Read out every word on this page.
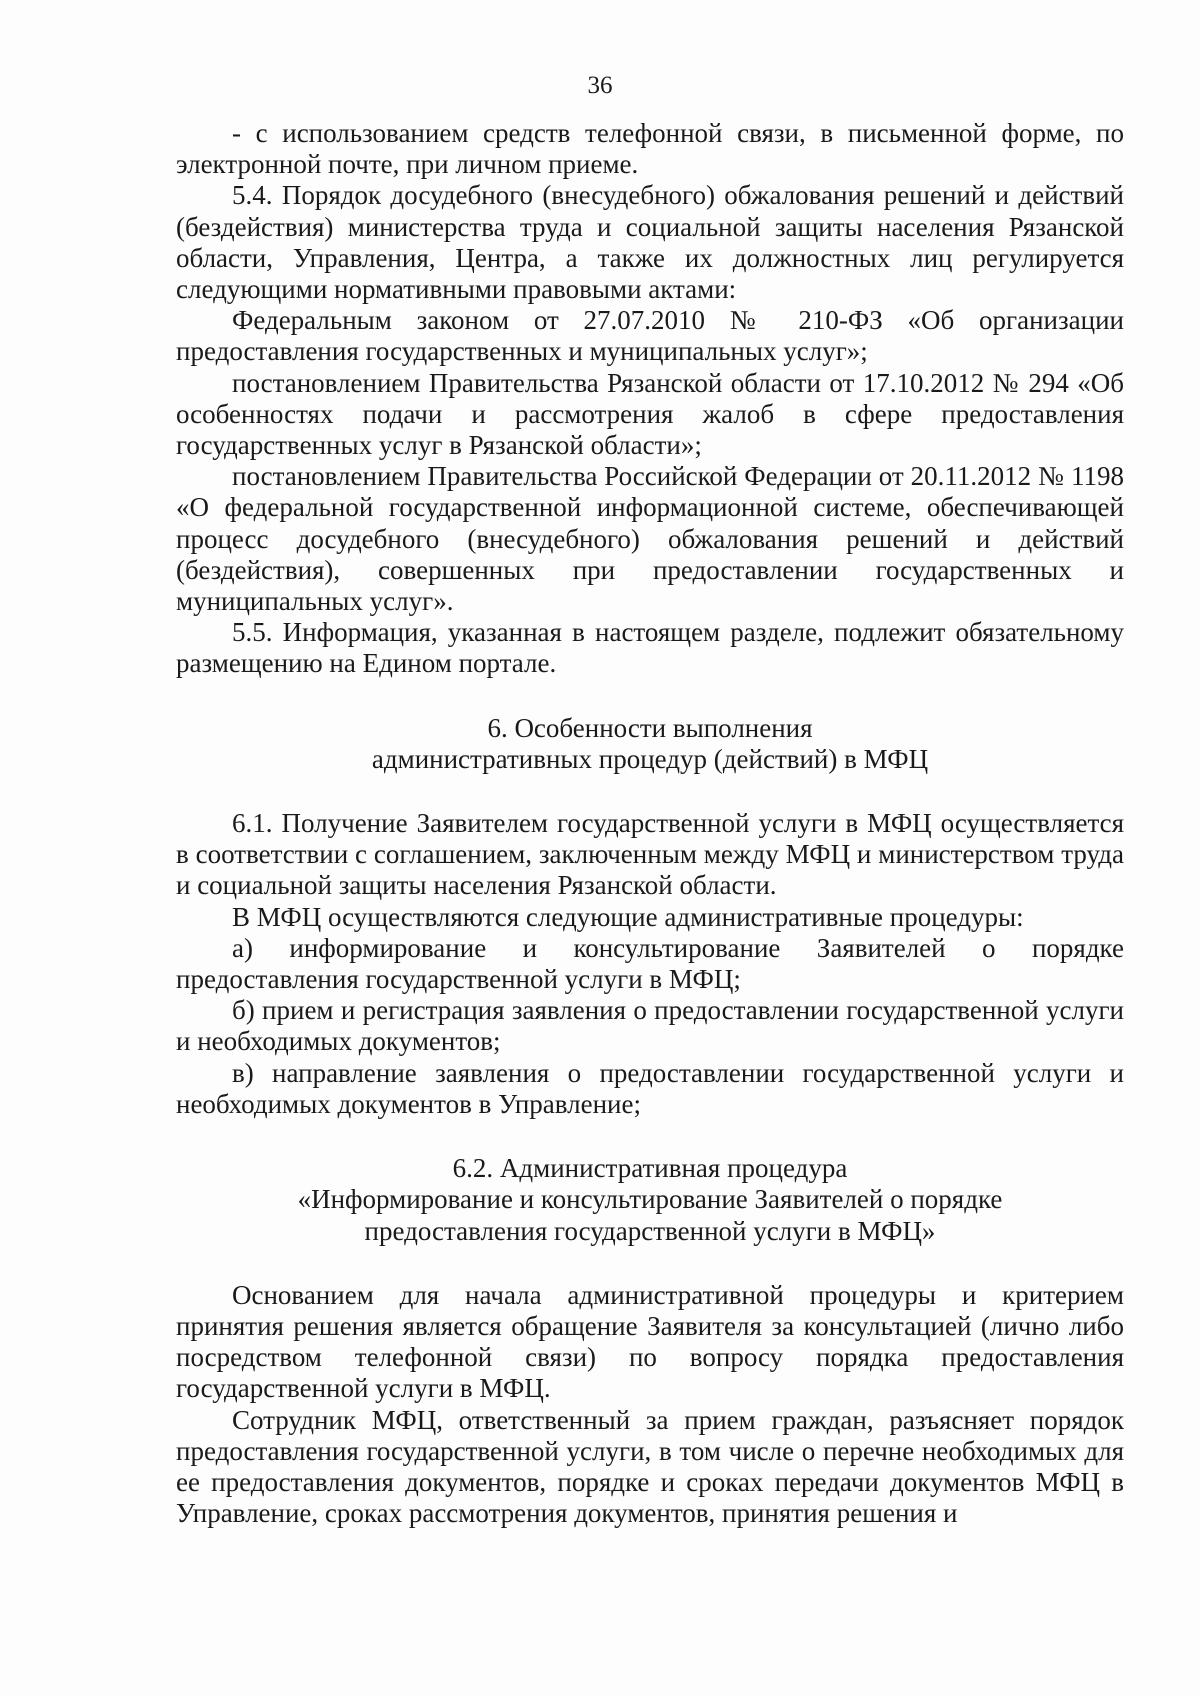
36

- с использованием средств телефонной связи, в письменной форме, по электронной почте, при личном приеме.

5.4. Порядок досудебного (внесудебного) обжалования решений и действий (бездействия) министерства труда и социальной защиты населения Рязанской области, Управления, Центра, а также их должностных лиц регулируется следующими нормативными правовыми актами:

Федеральным законом от 27.07.2010 № 210-ФЗ «Об организации предоставления государственных и муниципальных услуг»;

постановлением Правительства Рязанской области от 17.10.2012 № 294 «Об особенностях подачи и рассмотрения жалоб в сфере предоставления государственных услуг в Рязанской области»;

постановлением Правительства Российской Федерации от 20.11.2012 № 1198 «О федеральной государственной информационной системе, обеспечивающей процесс досудебного (внесудебного) обжалования решений и действий (бездействия), совершенных при предоставлении государственных и муниципальных услуг».

5.5. Информация, указанная в настоящем разделе, подлежит обязательному размещению на Едином портале.

6. Особенности выполнения

административных процедур (действий) в МФЦ

6.1. Получение Заявителем государственной услуги в МФЦ осуществляется в соответствии с соглашением, заключенным между МФЦ и министерством труда и социальной защиты населения Рязанской области.

В МФЦ осуществляются следующие административные процедуры:

а) информирование и консультирование Заявителей о порядке предоставления государственной услуги в МФЦ;

б) прием и регистрация заявления о предоставлении государственной услуги и необходимых документов;

в) направление заявления о предоставлении государственной услуги и необходимых документов в Управление;

6.2. Административная процедура

«Информирование и консультирование Заявителей о порядке

предоставления государственной услуги в МФЦ»

Основанием для начала административной процедуры и критерием принятия решения является обращение Заявителя за консультацией (лично либо посредством телефонной связи) по вопросу порядка предоставления государственной услуги в МФЦ.

Сотрудник МФЦ, ответственный за прием граждан, разъясняет порядок предоставления государственной услуги, в том числе о перечне необходимых для ее предоставления документов, порядке и сроках передачи документов МФЦ в Управление, сроках рассмотрения документов, принятия решения и
